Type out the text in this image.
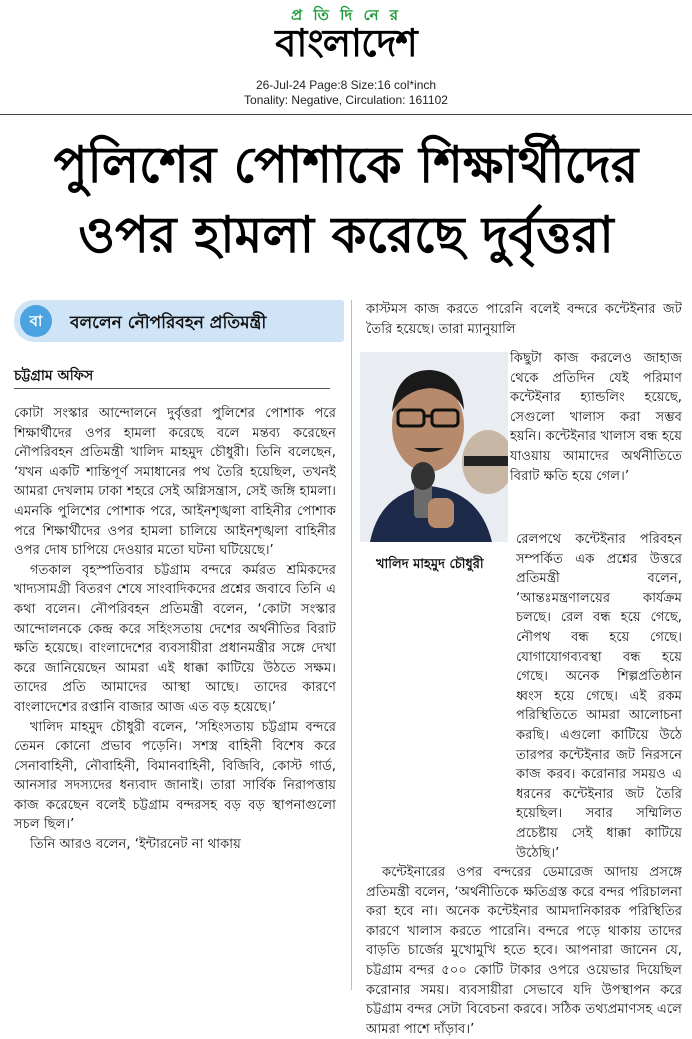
প্র তি দি নে র
বাংলাদেশ
26-Jul-24 Page:8 Size:16 col*inch
Tonality: Negative, Circulation: 161102
পুলিশের পোশাকে শিক্ষার্থীদের
ওপর হামলা করেছে দুর্বৃত্তরা
বা	বললেন নৌপরিবহন প্রতিমন্ত্রী
চট্টগ্রাম অফিস

কোটা সংস্কার আন্দোলনে দুর্বৃত্তরা পুলিশের পোশাক পরে শিক্ষার্থীদের ওপর হামলা করেছে বলে মন্তব্য করেছেন নৌপরিবহন প্রতিমন্ত্রী খালিদ মাহমুদ চৌধুরী। তিনি বলেছেন, ‘যখন একটি শান্তিপূর্ণ সমাধানের পথ তৈরি হয়েছিল, তখনই আমরা দেখলাম ঢাকা শহরে সেই অগ্নিসন্ত্রাস, সেই জঙ্গি হামলা। এমনকি পুলিশের পোশাক পরে, আইনশৃঙ্খলা বাহিনীর পোশাক পরে শিক্ষার্থীদের ওপর হামলা চালিয়ে আইনশৃঙ্খলা বাহিনীর ওপর দোষ চাপিয়ে দেওয়ার মতো ঘটনা ঘটিয়েছে।’

গতকাল বৃহস্পতিবার চট্টগ্রাম বন্দরে কর্মরত শ্রমিকদের খাদ্যসামগ্রী বিতরণ শেষে সাংবাদিকদের প্রশ্নের জবাবে তিনি এ কথা বলেন। নৌপরিবহন প্রতিমন্ত্রী বলেন, ‘কোটা সংস্কার আন্দোলনকে কেন্দ্র করে সহিংসতায় দেশের অর্থনীতির বিরাট ক্ষতি হয়েছে। বাংলাদেশের ব্যবসায়ীরা প্রধানমন্ত্রীর সঙ্গে দেখা করে জানিয়েছেন আমরা এই ধাক্কা কাটিয়ে উঠতে সক্ষম। তাদের প্রতি আমাদের আস্থা আছে। তাদের কারণে বাংলাদেশের রপ্তানি বাজার আজ এত বড় হয়েছে।’

খালিদ মাহমুদ চৌধুরী বলেন, ‘সহিংসতায় চট্টগ্রাম বন্দরে তেমন কোনো প্রভাব পড়েনি। সশস্ত্র বাহিনী বিশেষ করে সেনাবাহিনী, নৌবাহিনী, বিমানবাহিনী, বিজিবি, কোস্ট গার্ড, আনসার সদস্যদের ধন্যবাদ জানাই। তারা সার্বিক নিরাপত্তায় কাজ করেছেন বলেই চট্টগ্রাম বন্দরসহ বড় বড় স্থাপনাগুলো সচল ছিল।’

তিনি আরও বলেন, ‘ইন্টারনেট না থাকায়

কাস্টমস কাজ করতে পারেনি বলেই বন্দরে কন্টেইনার জট তৈরি হয়েছে। তারা ম্যানুয়ালি

খালিদ মাহমুদ চৌধুরী

কিছুটা কাজ করলেও জাহাজ থেকে প্রতিদিন যেই পরিমাণ কন্টেইনার হ্যান্ডলিং হয়েছে, সেগুলো খালাস করা সম্ভব হয়নি। কন্টেইনার খালাস বন্ধ হয়ে যাওয়ায় আমাদের অর্থনীতিতে বিরাট ক্ষতি হয়ে গেল।’

রেলপথে কন্টেইনার পরিবহন সম্পর্কিত এক প্রশ্নের উত্তরে প্রতিমন্ত্রী বলেন, ‘আন্তঃমন্ত্রণালয়ের কার্যক্রম চলছে। রেল বন্ধ হয়ে গেছে, নৌপথ বন্ধ হয়ে গেছে। যোগাযোগব্যবস্থা বন্ধ হয়ে গেছে। অনেক শিল্পপ্রতিষ্ঠান ধ্বংস হয়ে গেছে। এই রকম পরিস্থিতিতে আমরা আলোচনা করছি। এগুলো কাটিয়ে উঠে তারপর কন্টেইনার জট নিরসনে কাজ করব। করোনার সময়ও এ ধরনের কন্টেইনার জট তৈরি হয়েছিল। সবার সম্মিলিত প্রচেষ্টায় সেই ধাক্কা কাটিয়ে উঠেছি।’

কন্টেইনারের ওপর বন্দরের ডেমারেজ আদায় প্রসঙ্গে প্রতিমন্ত্রী বলেন, ‘অর্থনীতিকে ক্ষতিগ্রস্ত করে বন্দর পরিচালনা করা হবে না। অনেক কন্টেইনার আমদানিকারক পরিস্থিতির কারণে খালাস করতে পারেনি। বন্দরে পড়ে থাকায় তাদের বাড়তি চার্জের মুখোমুখি হতে হবে। আপনারা জানেন যে, চট্টগ্রাম বন্দর ৫০০ কোটি টাকার ওপরে ওয়েভার দিয়েছিল করোনার সময়। ব্যবসায়ীরা সেভাবে যদি উপস্থাপন করে চট্টগ্রাম বন্দর সেটা বিবেচনা করবে। সঠিক তথ্যপ্রমাণসহ এলে আমরা পাশে দাঁড়াব।’
